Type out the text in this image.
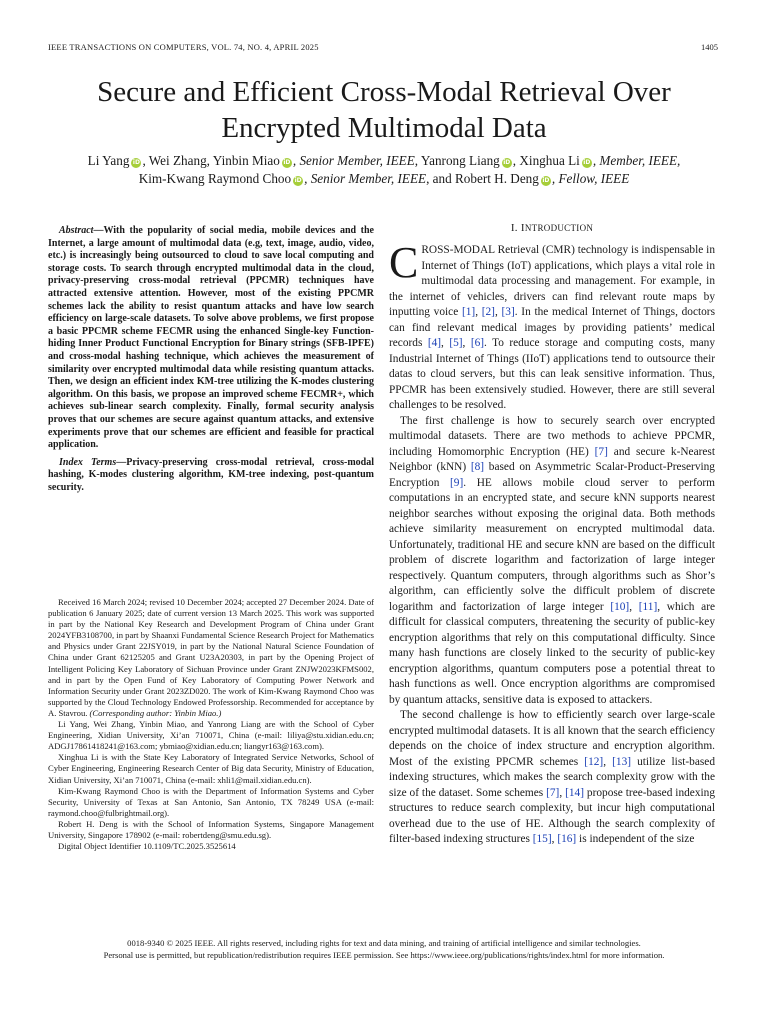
IEEE TRANSACTIONS ON COMPUTERS, VOL. 74, NO. 4, APRIL 2025	1405
Secure and Efficient Cross-Modal Retrieval Over Encrypted Multimodal Data
Li Yang iD , Wei Zhang, Yinbin Miao iD , Senior Member, IEEE, Yanrong Liang iD , Xinghua Li iD , Member, IEEE,
Kim-Kwang Raymond Choo iD , Senior Member, IEEE, and Robert H. Deng iD , Fellow, IEEE

Abstract—With the popularity of social media, mobile devices and the Internet, a large amount of multimodal data (e.g, text, image, audio, video, etc.) is increasingly being outsourced to cloud to save local computing and storage costs. To search through encrypted multimodal data in the cloud, privacy-preserving cross-modal retrieval (PPCMR) techniques have attracted extensive attention. However, most of the existing PPCMR schemes lack the ability to resist quantum attacks and have low search efficiency on large-scale datasets. To solve above problems, we first propose a basic PPCMR scheme FECMR using the enhanced Single-key Function-hiding Inner Product Functional Encryption for Binary strings (SFB-IPFE) and cross-modal hashing technique, which achieves the measurement of similarity over encrypted multimodal data while resisting quantum attacks. Then, we design an efficient index KM-tree utilizing the K-modes clustering algorithm. On this basis, we propose an improved scheme FECMR+, which achieves sub-linear search complexity. Finally, formal security analysis proves that our schemes are secure against quantum attacks, and extensive experiments prove that our schemes are efficient and feasible for practical application.

Index Terms—Privacy-preserving cross-modal retrieval, cross-modal hashing, K-modes clustering algorithm, KM-tree indexing, post-quantum security.

Received 16 March 2024; revised 10 December 2024; accepted 27 December 2024. Date of publication 6 January 2025; date of current version 13 March 2025. This work was supported in part by the National Key Research and Development Program of China under Grant 2024YFB3108700, in part by Shaanxi Fundamental Science Research Project for Mathematics and Physics under Grant 22JSY019, in part by the National Natural Science Foundation of China under Grant 62125205 and Grant U23A20303, in part by the Opening Project of Intelligent Policing Key Laboratory of Sichuan Province under Grant ZNJW2023KFMS002, and in part by the Open Fund of Key Laboratory of Computing Power Network and Information Security under Grant 2023ZD020. The work of Kim-Kwang Raymond Choo was supported by the Cloud Technology Endowed Professorship. Recommended for acceptance by A. Stavrou. (Corresponding author: Yinbin Miao.)

Li Yang, Wei Zhang, Yinbin Miao, and Yanrong Liang are with the School of Cyber Engineering, Xidian University, Xi’an 710071, China (e-mail: liliya@stu.xidian.edu.cn; ADGJ17861418241@163.com; ybmiao@xidian.edu.cn; liangyr163@163.com).

Xinghua Li is with the State Key Laboratory of Integrated Service Networks, School of Cyber Engineering, Engineering Research Center of Big data Security, Ministry of Education, Xidian University, Xi’an 710071, China (e-mail: xhli1@mail.xidian.edu.cn).

Kim-Kwang Raymond Choo is with the Department of Information Systems and Cyber Security, University of Texas at San Antonio, San Antonio, TX 78249 USA (e-mail: raymond.choo@fulbrightmail.org).

Robert H. Deng is with the School of Information Systems, Singapore Management University, Singapore 178902 (e-mail: robertdeng@smu.edu.sg).

Digital Object Identifier 10.1109/TC.2025.3525614

I. INTRODUCTION

CROSS-MODAL Retrieval (CMR) technology is indispensable in Internet of Things (IoT) applications, which plays a vital role in multimodal data processing and management. For example, in the internet of vehicles, drivers can find relevant route maps by inputting voice [1], [2], [3]. In the medical Internet of Things, doctors can find relevant medical images by providing patients’ medical records [4], [5], [6]. To reduce storage and computing costs, many Industrial Internet of Things (IIoT) applications tend to outsource their datas to cloud servers, but this can leak sensitive information. Thus, PPCMR has been extensively studied. However, there are still several challenges to be resolved.

The first challenge is how to securely search over encrypted multimodal datasets. There are two methods to achieve PPCMR, including Homomorphic Encryption (HE) [7] and secure k-Nearest Neighbor (kNN) [8] based on Asymmetric Scalar-Product-Preserving Encryption [9]. HE allows mobile cloud server to perform computations in an encrypted state, and secure kNN supports nearest neighbor searches without exposing the original data. Both methods achieve similarity measurement on encrypted multimodal data. Unfortunately, traditional HE and secure kNN are based on the difficult problem of discrete logarithm and factorization of large integer respectively. Quantum computers, through algorithms such as Shor’s algorithm, can efficiently solve the difficult problem of discrete logarithm and factorization of large integer [10], [11], which are difficult for classical computers, threatening the security of public-key encryption algorithms that rely on this computational difficulty. Since many hash functions are closely linked to the security of public-key encryption algorithms, quantum computers pose a potential threat to hash functions as well. Once encryption algorithms are compromised by quantum attacks, sensitive data is exposed to attackers.

The second challenge is how to efficiently search over large-scale encrypted multimodal datasets. It is all known that the search efficiency depends on the choice of index structure and encryption algorithm. Most of the existing PPCMR schemes [12], [13] utilize list-based indexing structures, which makes the search complexity grow with the size of the dataset. Some schemes [7], [14] propose tree-based indexing structures to reduce search complexity, but incur high computational overhead due to the use of HE. Although the search complexity of filter-based indexing structures [15], [16] is independent of the size

0018-9340 © 2025 IEEE. All rights reserved, including rights for text and data mining, and training of artificial intelligence and similar technologies.
Personal use is permitted, but republication/redistribution requires IEEE permission. See https://www.ieee.org/publications/rights/index.html for more information.
